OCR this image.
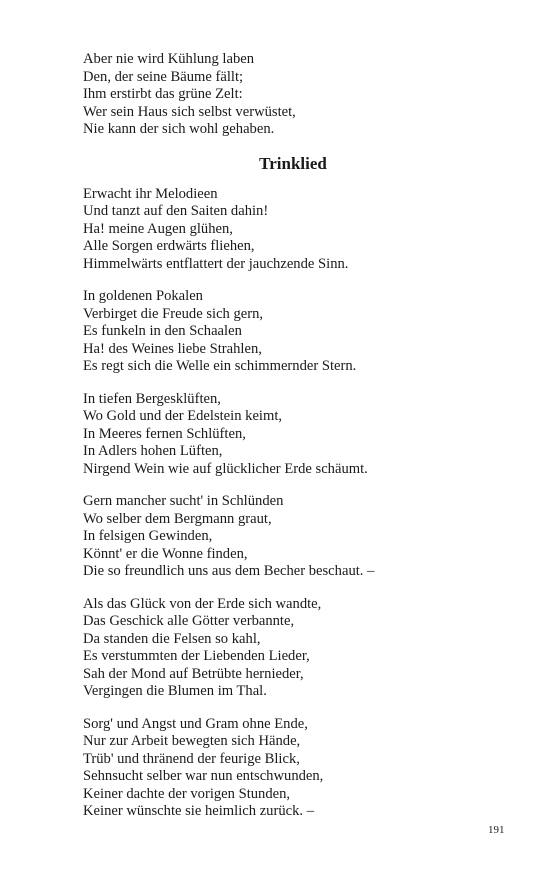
Aber nie wird Kühlung laben
Den, der seine Bäume fällt;
Ihm erstirbt das grüne Zelt:
Wer sein Haus sich selbst verwüstet,
Nie kann der sich wohl gehaben.
Trinklied
Erwacht ihr Melodieen
Und tanzt auf den Saiten dahin!
Ha! meine Augen glühen,
Alle Sorgen erdwärts fliehen,
Himmelwärts entflattert der jauchzende Sinn.
In goldenen Pokalen
Verbirget die Freude sich gern,
Es funkeln in den Schaalen
Ha! des Weines liebe Strahlen,
Es regt sich die Welle ein schimmernder Stern.
In tiefen Bergesklüften,
Wo Gold und der Edelstein keimt,
In Meeres fernen Schlüften,
In Adlers hohen Lüften,
Nirgend Wein wie auf glücklicher Erde schäumt.
Gern mancher sucht' in Schlünden
Wo selber dem Bergmann graut,
In felsigen Gewinden,
Könnt' er die Wonne finden,
Die so freundlich uns aus dem Becher beschaut. –
Als das Glück von der Erde sich wandte,
Das Geschick alle Götter verbannte,
Da standen die Felsen so kahl,
Es verstummten der Liebenden Lieder,
Sah der Mond auf Betrübte hernieder,
Vergingen die Blumen im Thal.
Sorg' und Angst und Gram ohne Ende,
Nur zur Arbeit bewegten sich Hände,
Trüb' und thränend der feurige Blick,
Sehnsucht selber war nun entschwunden,
Keiner dachte der vorigen Stunden,
Keiner wünschte sie heimlich zurück. –
191
